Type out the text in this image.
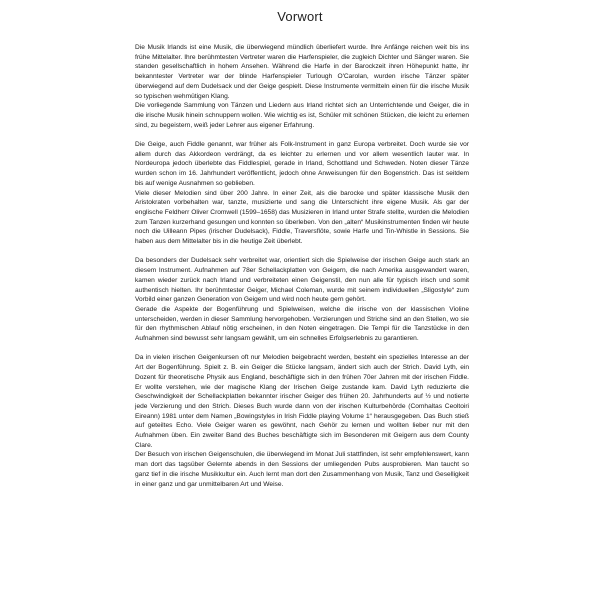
Vorwort

Die Musik Irlands ist eine Musik, die überwiegend mündlich überliefert wurde. Ihre Anfänge reichen weit bis ins frühe Mittelalter. Ihre berühmtesten Vertreter waren die Harfenspieler, die zugleich Dichter und Sänger waren. Sie standen gesellschaftlich in hohem Ansehen. Während die Harfe in der Barockzeit ihren Höhepunkt hatte, ihr bekanntester Vertreter war der blinde Harfenspieler Turlough O'Carolan, wurden irische Tänzer später überwiegend auf dem Dudelsack und der Geige gespielt. Diese Instrumente vermitteln einen für die irische Musik so typischen wehmütigen Klang.

Die vorliegende Sammlung von Tänzen und Liedern aus Irland richtet sich an Unterrichtende und Geiger, die in die irische Musik hinein schnuppern wollen. Wie wichtig es ist, Schüler mit schönen Stücken, die leicht zu erlernen sind, zu begeistern, weiß jeder Lehrer aus eigener Erfahrung.

Die Geige, auch Fiddle genannt, war früher als Folk-Instrument in ganz Europa verbreitet. Doch wurde sie vor allem durch das Akkordeon verdrängt, da es leichter zu erlernen und vor allem wesentlich lauter war. In Nordeuropa jedoch überlebte das Fiddlespiel, gerade in Irland, Schottland und Schweden. Noten dieser Tänze wurden schon im 16. Jahrhundert veröffentlicht, jedoch ohne Anweisungen für den Bogenstrich. Das ist seitdem bis auf wenige Ausnahmen so geblieben.

Viele dieser Melodien sind über 200 Jahre. In einer Zeit, als die barocke und später klassische Musik den Aristokraten vorbehalten war, tanzte, musizierte und sang die Unterschicht ihre eigene Musik. Als gar der englische Feldherr Oliver Cromwell (1599–1658) das Musizieren in Irland unter Strafe stellte, wurden die Melodien zum Tanzen kurzerhand gesungen und konnten so überleben. Von den „alten“ Musikinstrumenten finden wir heute noch die Uilleann Pipes (irischer Dudelsack), Fiddle, Traversflöte, sowie Harfe und Tin-Whistle in Sessions. Sie haben aus dem Mittelalter bis in die heutige Zeit überlebt.

Da besonders der Dudelsack sehr verbreitet war, orientiert sich die Spielweise der irischen Geige auch stark an diesem Instrument. Aufnahmen auf 78er Schellackplatten von Geigern, die nach Amerika ausgewandert waren, kamen wieder zurück nach Irland und verbreiteten einen Geigenstil, den nun alle für typisch irisch und somit authentisch hielten. Ihr berühmtester Geiger, Michael Coleman, wurde mit seinem individuellen „Sligostyle“ zum Vorbild einer ganzen Generation von Geigern und wird noch heute gern gehört.

Gerade die Aspekte der Bogenführung und Spielweisen, welche die irische von der klassischen Violine unterscheiden, werden in dieser Sammlung hervorgehoben. Verzierungen und Striche sind an den Stellen, wo sie für den rhythmischen Ablauf nötig erscheinen, in den Noten eingetragen. Die Tempi für die Tanzstücke in den Aufnahmen sind bewusst sehr langsam gewählt, um ein schnelles Erfolgserlebnis zu garantieren.

Da in vielen irischen Geigenkursen oft nur Melodien beigebracht werden, besteht ein spezielles Interesse an der Art der Bogenführung. Spielt z. B. ein Geiger die Stücke langsam, ändert sich auch der Strich. David Lyth, ein Dozent für theoretische Physik aus England, beschäftigte sich in den frühen 70er Jahren mit der irischen Fiddle. Er wollte verstehen, wie der magische Klang der Irischen Geige zustande kam. David Lyth reduzierte die Geschwindigkeit der Schellackplatten bekannter irischer Geiger des frühen 20. Jahrhunderts auf ½ und notierte jede Verzierung und den Strich. Dieses Buch wurde dann von der irischen Kulturbehörde (Comhaltas Ceoltoiri Eireann) 1981 unter dem Namen „Bowingstyles in Irish Fiddle playing Volume 1“ herausgegeben. Das Buch stieß auf geteiltes Echo. Viele Geiger waren es gewöhnt, nach Gehör zu lernen und wollten lieber nur mit den Aufnahmen üben. Ein zweiter Band des Buches beschäftigte sich im Besonderen mit Geigern aus dem County Clare.

Der Besuch von irischen Geigenschulen, die überwiegend im Monat Juli stattfinden, ist sehr empfehlenswert, kann man dort das tagsüber Gelernte abends in den Sessions der umliegenden Pubs ausprobieren. Man taucht so ganz tief in die irische Musikkultur ein. Auch lernt man dort den Zusammenhang von Musik, Tanz und Geselligkeit in einer ganz und gar unmittelbaren Art und Weise.
